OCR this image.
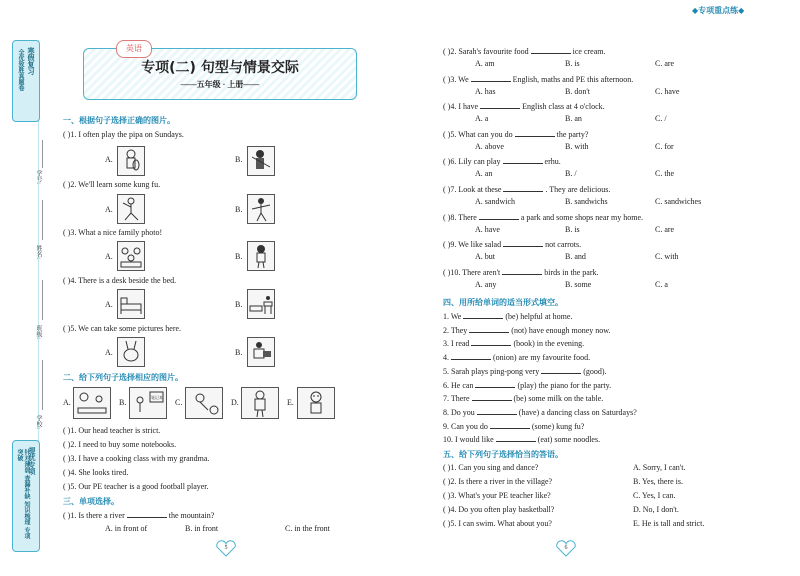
◆专项重点练◆
寒假复习
全优致胜真题卷
学号:
姓名:
班级:
学校:
提优专项
针对薄弱 查漏补缺 知识梳理 专项突破
英语
专项(二) 句型与情景交际
——五年级 · 上册——
一、根据句子选择正确的图片。
( )1. I often play the pipa on Sundays.
A.	B.
( )2. We'll learn some kung fu.
A.	B.
( )3. What a nice family photo!
A.	B.
( )4. There is a desk beside the bed.
A.	B.
( )5. We can take some pictures here.
A.	B.
二、给下列句子选择相应的图片。
A.	B.
笔记本
C.	D.	E.
( )1. Our head teacher is strict.
( )2. I need to buy some notebooks.
( )3. I have a cooking class with my grandma.
( )4. She looks tired.
( )5. Our PE teacher is a good football player.
三、单项选择。
( )1. Is there a river	the mountain?
A. in front of	B. in front	C. in the front
5	6
( )2. Sarah's favourite food	ice cream.
A. am	B. is	C. are
( )3. We	English, maths and PE this afternoon.
A. has	B. don't	C. have
( )4. I have	English class at 4 o'clock.
A. a	B. an	C. /
( )5. What can you do	the party?
A. above	B. with	C. for
( )6. Lily can play	erhu.
A. an	B. /	C. the
( )7. Look at these	. They are delicious.
A. sandwich	B. sandwichs	C. sandwiches
( )8. There	a park and some shops near my home.
A. have	B. is	C. are
( )9. We like salad	not carrots.
A. but	B. and	C. with
( )10. There aren't	birds in the park.
A. any	B. some	C. a
四、用所给单词的适当形式填空。
1. We	(be) helpful at home.
2. They	(not) have enough money now.
3. I read	(book) in the evening.
4.	(onion) are my favourite food.
5. Sarah plays ping-pong very	(good).
6. He can	(play) the piano for the party.
7. There	(be) some milk on the table.
8. Do you	(have) a dancing class on Saturdays?
9. Can you do	(some) kung fu?
10. I would like	(eat) some noodles.
五、给下列句子选择恰当的答语。
( )1. Can you sing and dance?	A. Sorry, I can't.
( )2. Is there a river in the village?	B. Yes, there is.
( )3. What's your PE teacher like?	C. Yes, I can.
( )4. Do you often play basketball?	D. No, I don't.
( )5. I can swim. What about you?	E. He is tall and strict.
